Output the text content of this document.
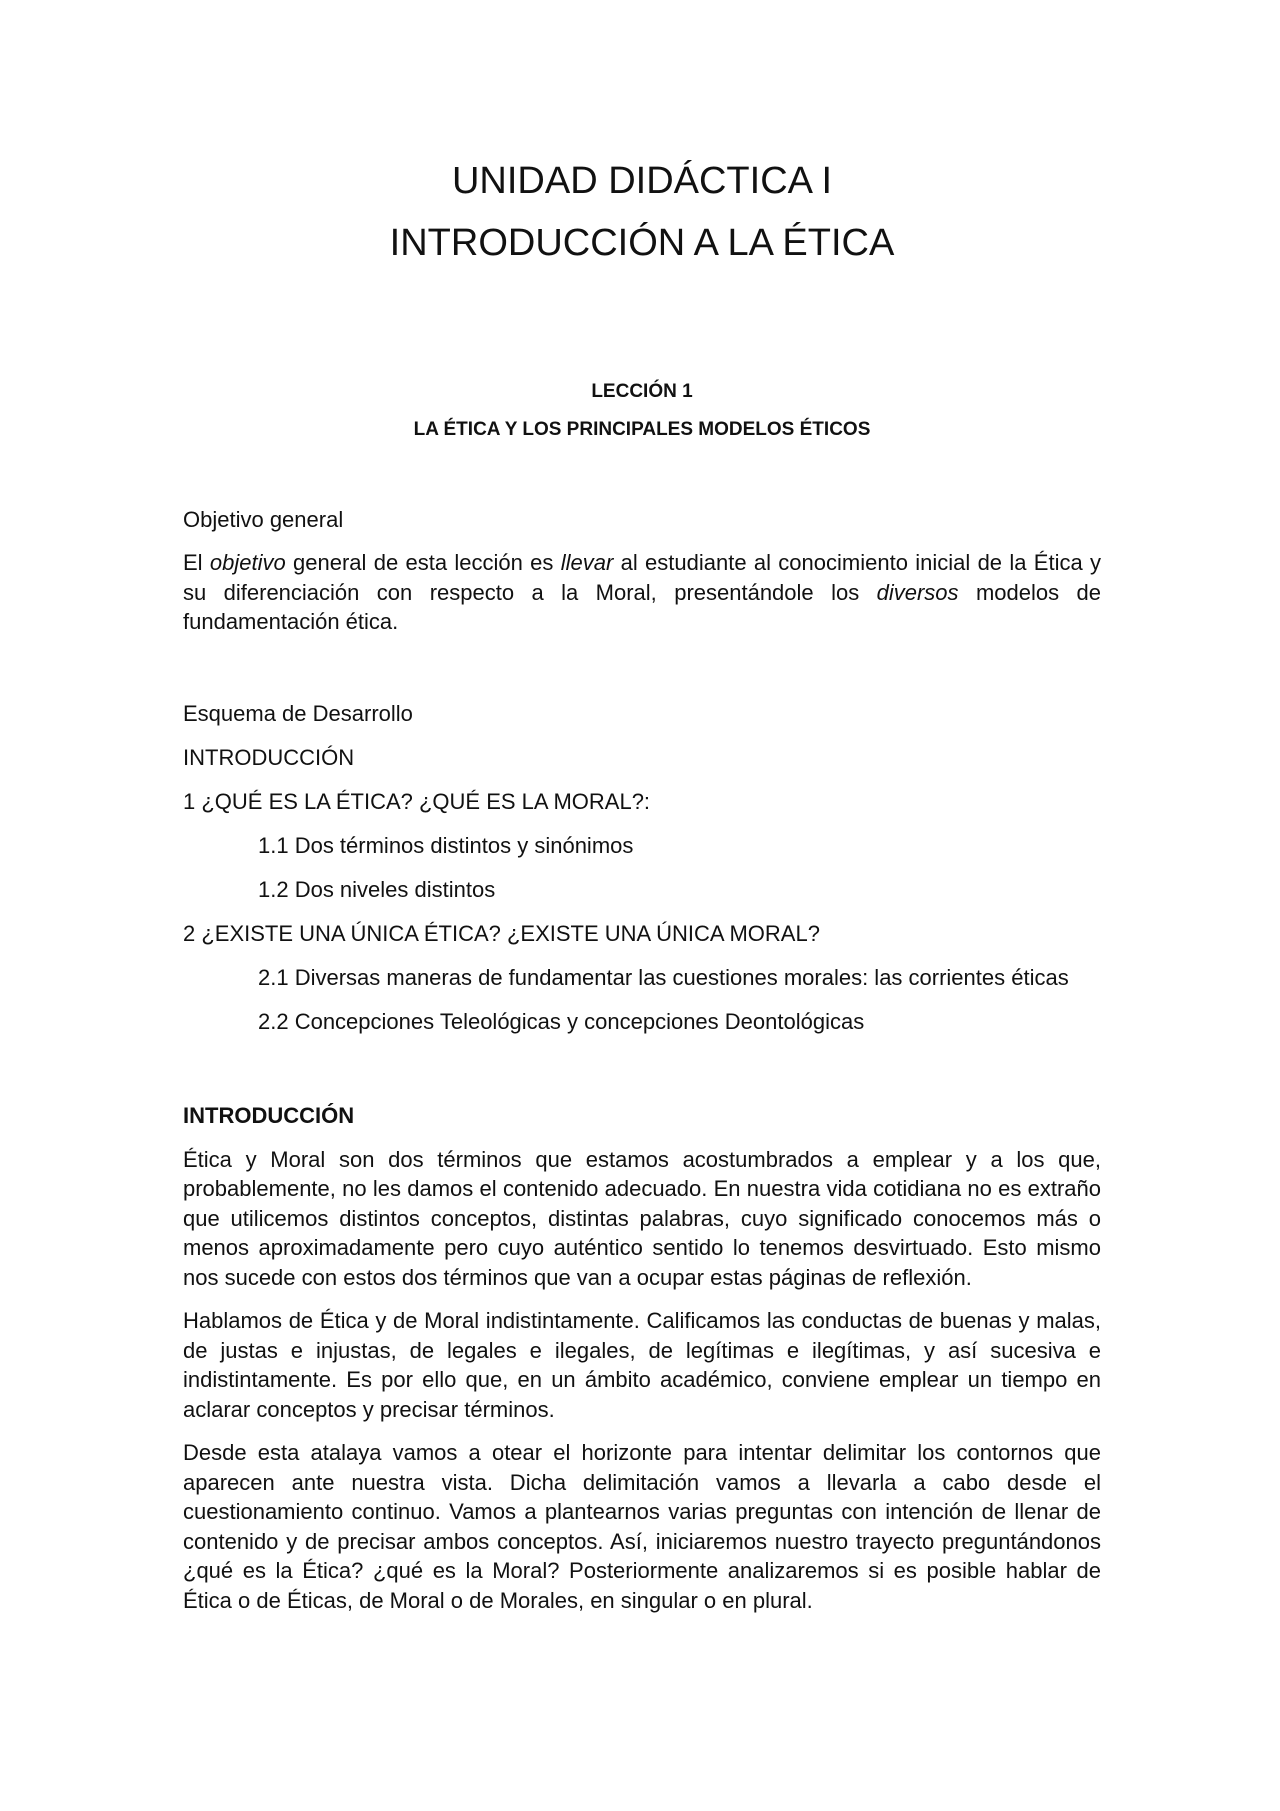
UNIDAD DIDÁCTICA I
INTRODUCCIÓN A LA ÉTICA
LECCIÓN 1
LA ÉTICA Y LOS PRINCIPALES MODELOS ÉTICOS

Objetivo general

El objetivo general de esta lección es llevar al estudiante al conocimiento inicial de la Ética y su diferenciación con respecto a la Moral, presentándole los diversos modelos de fundamentación ética.

Esquema de Desarrollo

INTRODUCCIÓN

1 ¿QUÉ ES LA ÉTICA? ¿QUÉ ES LA MORAL?:

1.1 Dos términos distintos y sinónimos

1.2 Dos niveles distintos

2 ¿EXISTE UNA ÚNICA ÉTICA? ¿EXISTE UNA ÚNICA MORAL?

2.1 Diversas maneras de fundamentar las cuestiones morales: las corrientes éticas

2.2 Concepciones Teleológicas y concepciones Deontológicas

INTRODUCCIÓN

Ética y Moral son dos términos que estamos acostumbrados a emplear y a los que, probablemente, no les damos el contenido adecuado. En nuestra vida cotidiana no es extraño que utilicemos distintos conceptos, distintas palabras, cuyo significado conocemos más o menos aproximadamente pero cuyo auténtico sentido lo tenemos desvirtuado. Esto mismo nos sucede con estos dos términos que van a ocupar estas páginas de reflexión.

Hablamos de Ética y de Moral indistintamente. Calificamos las conductas de buenas y malas, de justas e injustas, de legales e ilegales, de legítimas e ilegítimas, y así sucesiva e indistintamente. Es por ello que, en un ámbito académico, conviene emplear un tiempo en aclarar conceptos y precisar términos.

Desde esta atalaya vamos a otear el horizonte para intentar delimitar los contornos que aparecen ante nuestra vista. Dicha delimitación vamos a llevarla a cabo desde el cuestionamiento continuo. Vamos a plantearnos varias preguntas con intención de llenar de contenido y de precisar ambos conceptos. Así, iniciaremos nuestro trayecto preguntándonos ¿qué es la Ética? ¿qué es la Moral? Posteriormente analizaremos si es posible hablar de Ética o de Éticas, de Moral o de Morales, en singular o en plural.
